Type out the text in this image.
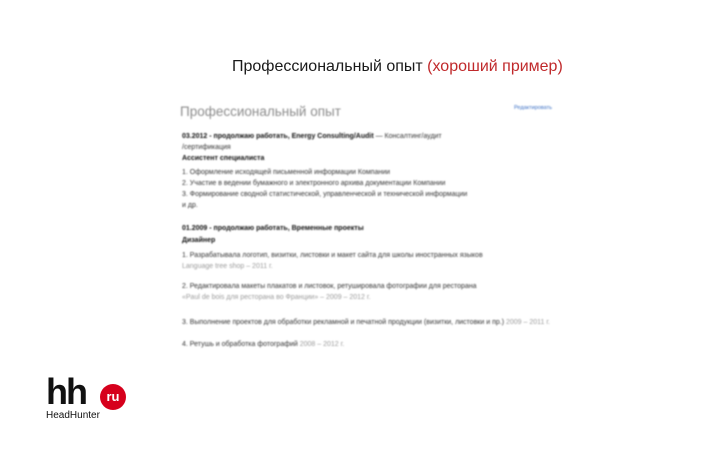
Профессиональный опыт (хороший пример)
Профессиональный опыт	Редактировать
03.2012 - продолжаю работать, Energy Consulting/Audit — Консалтинг/аудит
/сертификация
Ассистент специалиста
1. Оформление исходящей письменной информации Компании
2. Участие в ведении бумажного и электронного архива документации Компании
3. Формирование сводной статистической, управленческой и технической информации
и др.
01.2009 - продолжаю работать, Временные проекты
Дизайнер
1. Разрабатывала логотип, визитки, листовки и макет сайта для школы иностранных языков
Language tree shop – 2011 г.
2. Редактировала макеты плакатов и листовок, ретушировала фотографии для ресторана
«Paul de bois для ресторана во Франции» – 2009 – 2012 г.
3. Выполнение проектов для обработки рекламной и печатной продукции (визитки, листовки и пр.) 2009 – 2011 г.
4. Ретушь и обработка фотографий 2008 – 2012 г.
hh	ru
HeadHunter
